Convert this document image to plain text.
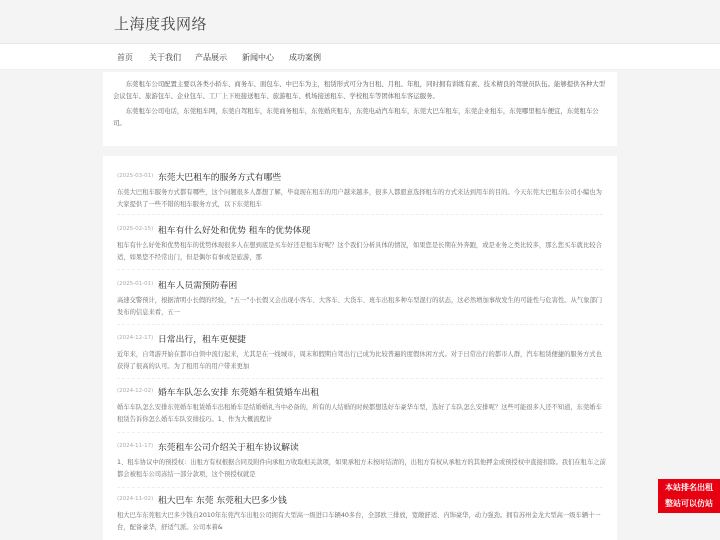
上海度我网络
首页 关于我们 产品展示 新闻中心 成功案例

东莞租车公司配置主要以各类小轿车、商务车、面包车、中巴车为主，租赁形式可分为日租、月租、年租，同时拥有训练有素、技术精良的驾驶员队伍。能够提供各种大型会议包车、旅游包车、企业包车、工厂上下班接送租车、旅游租车、机场接送租车、学校租车等团体租车客运服务。

东莞租车公司电话，东莞租车网，东莞自驾租车，东莞商务租车，东莞婚庆租车，东莞电动汽车租车，东莞大巴车租车，东莞企业租车，东莞哪里租车便宜，东莞租车公司。

(2025-03-01) 东莞大巴租车的服务方式有哪些
东莞大巴租车服务方式都有哪些，这个问题很多人都想了解，毕竟现在租车的用户越来越多，很多人都愿意选择租车的方式来达到用车的目的。今天东莞大巴租车公司小编也为大家提供了一些不错的租车服务方式，以下东莞租车
(2025-02-15) 租车有什么好处和优势 租车的优势体现
租车有什么好处和优势租车的优势体现很多人在想到底是买车好还是租车好呢？这个我们分析具体的情况，如果您是长期在外奔跑，或是业务之类比较多，那么您买车就比较合适，如果您不经常出门，但是偶尔有事或是旅游，那
(2025-01-01) 租车人员需预防春困
高速交警预计，根据清明小长假的经验，“五一”小长假又会出现小客车、大客车、大货车、班车出租多种车型混行的状态，这必然增加事故发生的可能性与危害性。从气象部门发布的信息来看，五一
(2024-12-17) 日常出行，租车更便捷
近年来，自驾游开始在都市白领中流行起来，尤其是在一线城市，周末和假期自驾出行已成为比较普遍的度假休闲方式。对于日常出行的都市人群，汽车租赁便捷的服务方式也获得了很高的认可。为了租用车的用户带来更加
(2024-12-02) 婚车车队怎么安排 东莞婚车租赁婚车出租
婚车车队怎么安排东莞婚车租赁婚车出租婚车是结婚婚礼当中必备的，所有的人结婚的时候都想选好车豪华车型，选好了车队怎么安排呢？这些可能很多人还不知道，东莞婚车租赁告诉你怎么婚车车队安排技巧。1、作为大概流程计
(2024-11-17) 东莞租车公司介绍关于租车协议解读
1、租车协议中的预授权：出租方有权根据合同及附件向承租方收取相关款项，如果承租方未按时结清的，出租方有权从承租方的其他押金或预授权中直接扣除。我们在租车之前都会被租车公司冻结一部分款项，这个预授权就是
(2024-11-02) 租大巴车 东莞 东莞租大巴多少钱
租大巴车东莞租大巴多少钱自2010年东莞汽车出租公司拥有大型高一级进口车辆40多台，全部欧三排放，宽敞舒适、内饰豪华，动力强劲。拥有苏州金龙大型高一级车辆十一台，配备豪华，舒适气派。公司本着&
本站排名出租
整站可以仿站
